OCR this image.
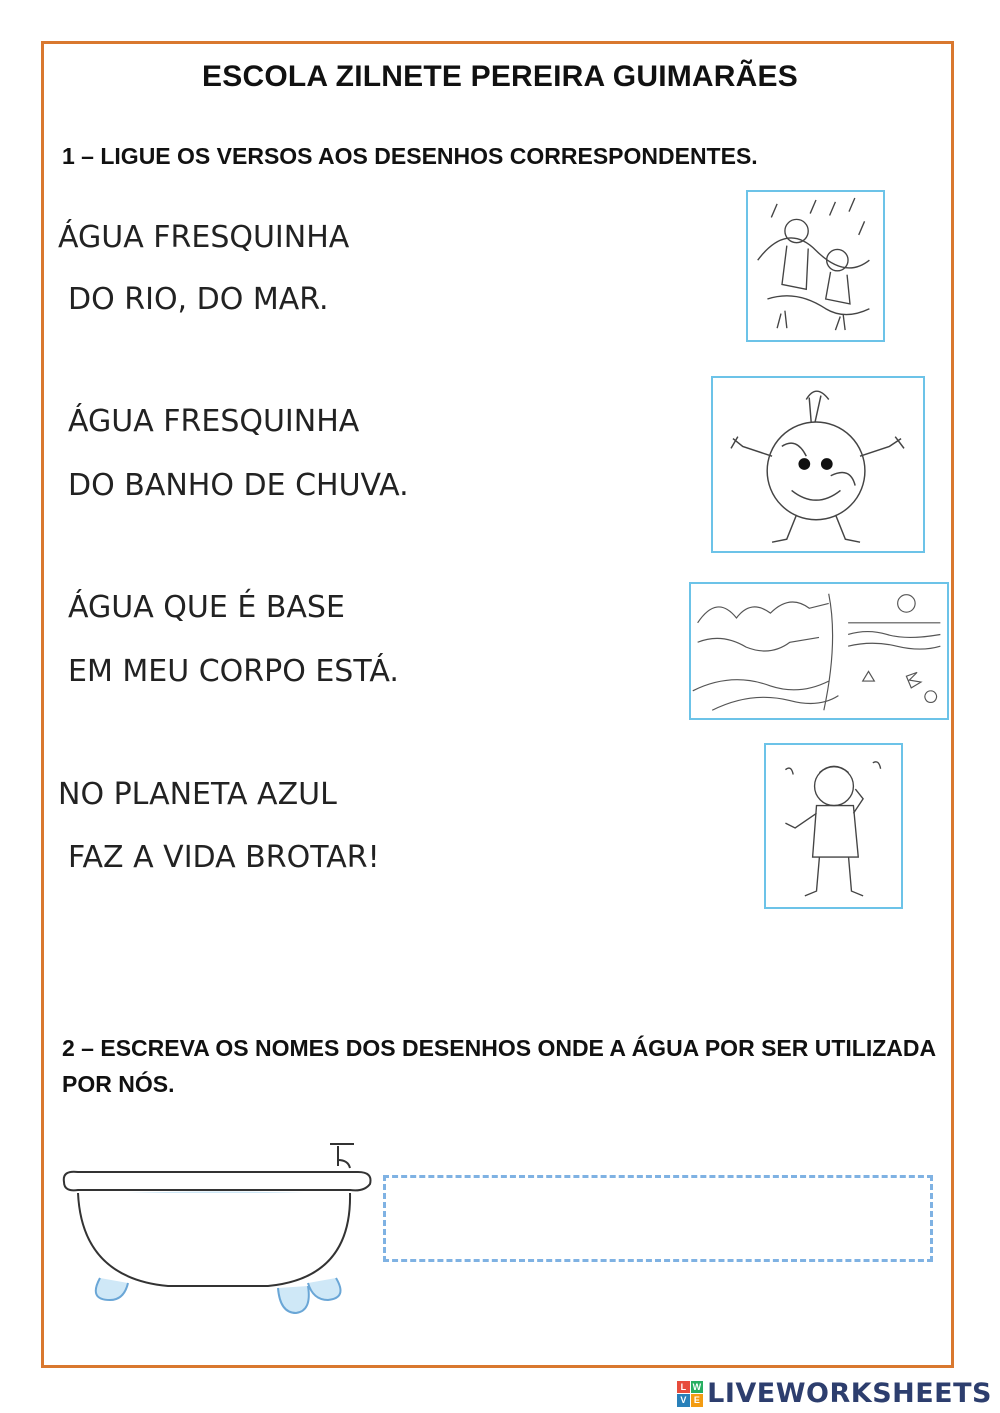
ESCOLA ZILNETE PEREIRA GUIMARÃES
1 – LIGUE OS VERSOS AOS DESENHOS CORRESPONDENTES.
ÁGUA FRESQUINHA
DO RIO, DO MAR.
ÁGUA FRESQUINHA
DO BANHO DE CHUVA.
ÁGUA QUE É BASE
EM MEU CORPO ESTÁ.
NO PLANETA AZUL
FAZ A VIDA BROTAR!
2 – ESCREVA OS NOMES DOS DESENHOS ONDE A ÁGUA POR SER UTILIZADA POR NÓS.
L W
V E LIVEWORKSHEETS
